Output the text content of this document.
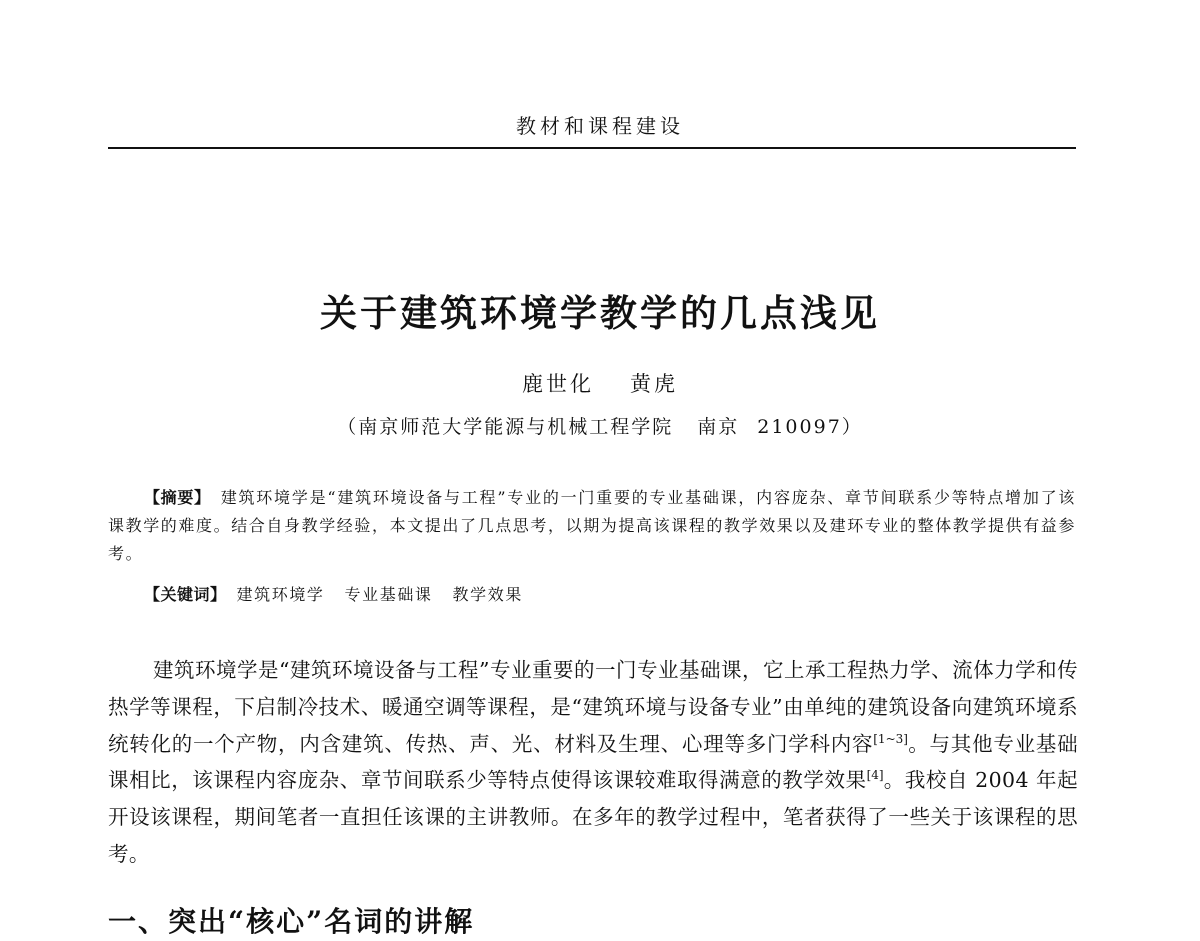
教材和课程建设
关于建筑环境学教学的几点浅见
鹿世化 黄虎
（南京师范大学能源与机械工程学院 南京 210097）
【摘要】 建筑环境学是“建筑环境设备与工程”专业的一门重要的专业基础课，内容庞杂、章节间联系少等特点增加了该课教学的难度。结合自身教学经验，本文提出了几点思考，以期为提高该课程的教学效果以及建环专业的整体教学提供有益参考。
【关键词】 建筑环境学 专业基础课 教学效果
建筑环境学是“建筑环境设备与工程”专业重要的一门专业基础课，它上承工程热力学、流体力学和传热学等课程，下启制冷技术、暖通空调等课程，是“建筑环境与设备专业”由单纯的建筑设备向建筑环境系统转化的一个产物，内含建筑、传热、声、光、材料及生理、心理等多门学科内容[1~3]。与其他专业基础课相比，该课程内容庞杂、章节间联系少等特点使得该课较难取得满意的教学效果[4]。我校自 2004 年起开设该课程，期间笔者一直担任该课的主讲教师。在多年的教学过程中，笔者获得了一些关于该课程的思考。
一、突出“核心”名词的讲解
